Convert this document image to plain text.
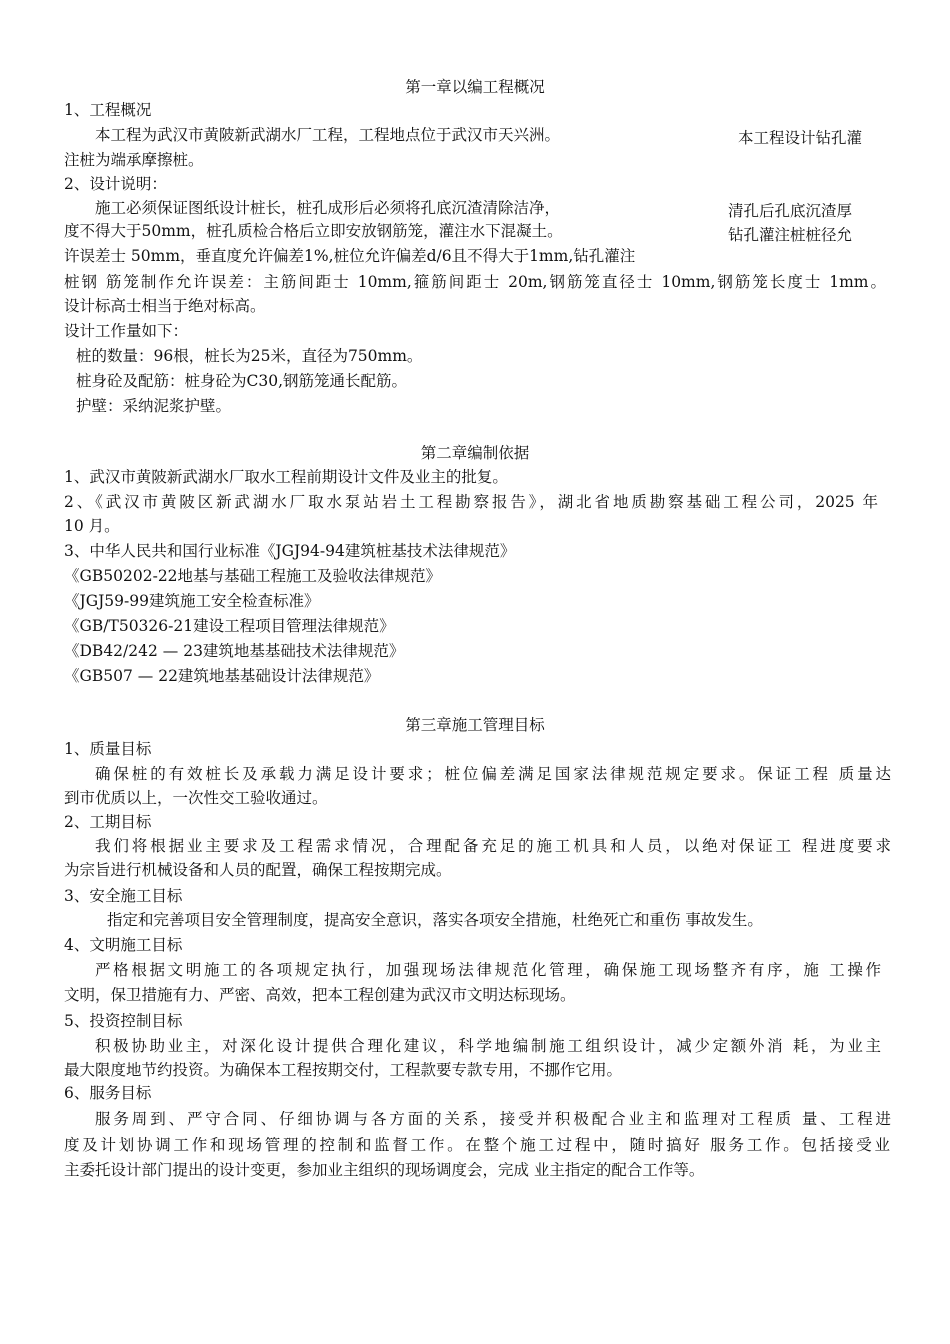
第一章以编工程概况
1、工程概况
本工程为武汉市黄陂新武湖水厂工程，工程地点位于武汉市天兴洲。	本工程设计钻孔灌
注桩为端承摩擦桩。
2、设计说明：
施工必须保证图纸设计桩长，桩孔成形后必须将孔底沉渣清除洁净，	清孔后孔底沉渣厚
度不得大于50mm，桩孔质检合格后立即安放钢筋笼，灌注水下混凝土。	钻孔灌注桩桩径允
许误差士 50mm，垂直度允许偏差1%,桩位允许偏差d/6且不得大于1mm,钻孔灌注
桩钢 筋笼制作允许误差：主筋间距士 10mm,箍筋间距士 20m,钢筋笼直径士 10mm,钢筋笼长度士 1mm。
设计标高士相当于绝对标高。
设计工作量如下：
桩的数量：96根，桩长为25米，直径为750mm。
桩身砼及配筋：桩身砼为C30,钢筋笼通长配筋。
护壁：采纳泥浆护壁。
第二章编制依据
1、武汉市黄陂新武湖水厂取水工程前期设计文件及业主的批复。
2、《武汉市黄陂区新武湖水厂取水泵站岩土工程勘察报告》，湖北省地质勘察基础工程公司，2025 年
10 月。
3、中华人民共和国行业标准《JGJ94-94建筑桩基技术法律规范》
《GB50202-22地基与基础工程施工及验收法律规范》
《JGJ59-99建筑施工安全检查标准》
《GB/T50326-21建设工程项目管理法律规范》
《DB42/242 — 23建筑地基基础技术法律规范》
《GB507 — 22建筑地基基础设计法律规范》
第三章施工管理目标
1、质量目标
确保桩的有效桩长及承载力满足设计要求；桩位偏差满足国家法律规范规定要求。保证工程 质量达
到市优质以上，一次性交工验收通过。
2、工期目标
我们将根据业主要求及工程需求情况，合理配备充足的施工机具和人员，以绝对保证工 程进度要求
为宗旨进行机械设备和人员的配置，确保工程按期完成。
3、安全施工目标
指定和完善项目安全管理制度，提高安全意识，落实各项安全措施，杜绝死亡和重伤 事故发生。
4、文明施工目标
严格根据文明施工的各项规定执行，加强现场法律规范化管理，确保施工现场整齐有序，施 工操作
文明，保卫措施有力、严密、高效，把本工程创建为武汉市文明达标现场。
5、投资控制目标
积极协助业主，对深化设计提供合理化建议，科学地编制施工组织设计，减少定额外消 耗，为业主
最大限度地节约投资。为确保本工程按期交付，工程款要专款专用，不挪作它用。
6、服务目标
服务周到、严守合同、仔细协调与各方面的关系，接受并积极配合业主和监理对工程质 量、工程进
度及计划协调工作和现场管理的控制和监督工作。在整个施工过程中，随时搞好 服务工作。包括接受业
主委托设计部门提出的设计变更，参加业主组织的现场调度会，完成 业主指定的配合工作等。
